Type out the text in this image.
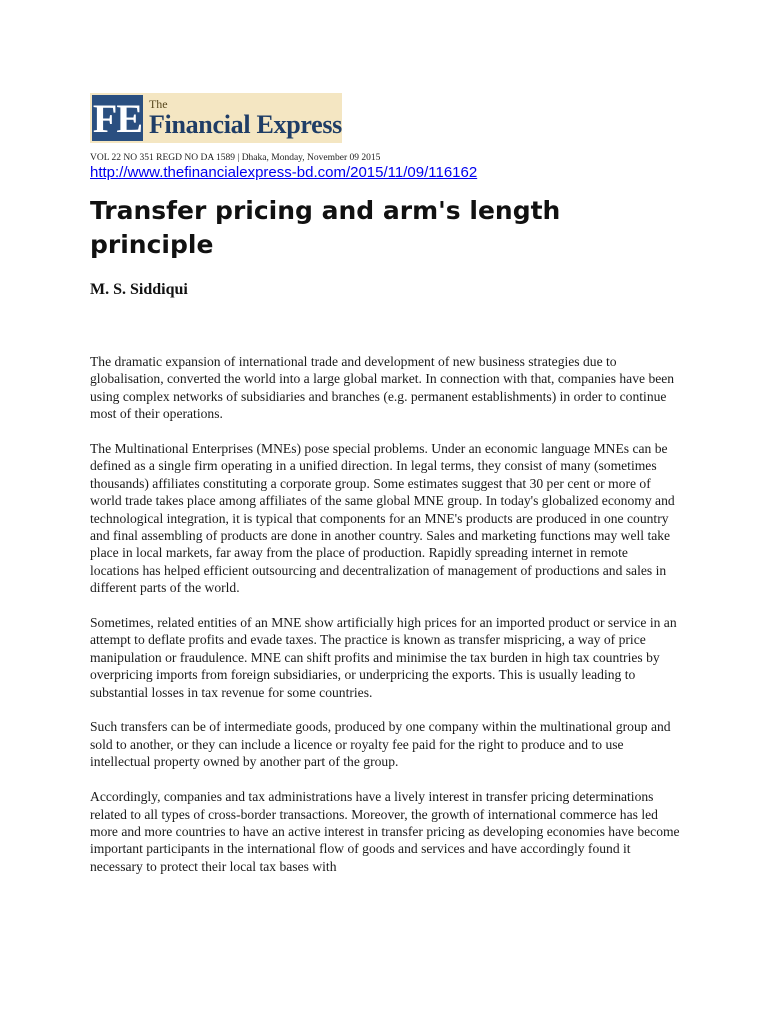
FE The
Financial Express
VOL 22 NO 351 REGD NO DA 1589 | Dhaka, Monday, November 09 2015
http://www.thefinancialexpress-bd.com/2015/11/09/116162
Transfer pricing and arm's length principle

M. S. Siddiqui

The dramatic expansion of international trade and development of new business strategies due to globalisation, converted the world into a large global market. In connection with that, companies have been using complex networks of subsidiaries and branches (e.g. permanent establishments) in order to continue most of their operations.

The Multinational Enterprises (MNEs) pose special problems. Under an economic language MNEs can be defined as a single firm operating in a unified direction. In legal terms, they consist of many (sometimes thousands) affiliates constituting a corporate group. Some estimates suggest that 30 per cent or more of world trade takes place among affiliates of the same global MNE group. In today's globalized economy and technological integration, it is typical that components for an MNE's products are produced in one country and final assembling of products are done in another country. Sales and marketing functions may well take place in local markets, far away from the place of production. Rapidly spreading internet in remote locations has helped efficient outsourcing and decentralization of management of productions and sales in different parts of the world.

Sometimes, related entities of an MNE show artificially high prices for an imported product or service in an attempt to deflate profits and evade taxes. The practice is known as transfer mispricing, a way of price manipulation or fraudulence. MNE can shift profits and minimise the tax burden in high tax countries by overpricing imports from foreign subsidiaries, or underpricing the exports. This is usually leading to substantial losses in tax revenue for some countries.

Such transfers can be of intermediate goods, produced by one company within the multinational group and sold to another, or they can include a licence or royalty fee paid for the right to produce and to use intellectual property owned by another part of the group.

Accordingly, companies and tax administrations have a lively interest in transfer pricing determinations related to all types of cross-border transactions. Moreover, the growth of international commerce has led more and more countries to have an active interest in transfer pricing as developing economies have become important participants in the international flow of goods and services and have accordingly found it necessary to protect their local tax bases with
